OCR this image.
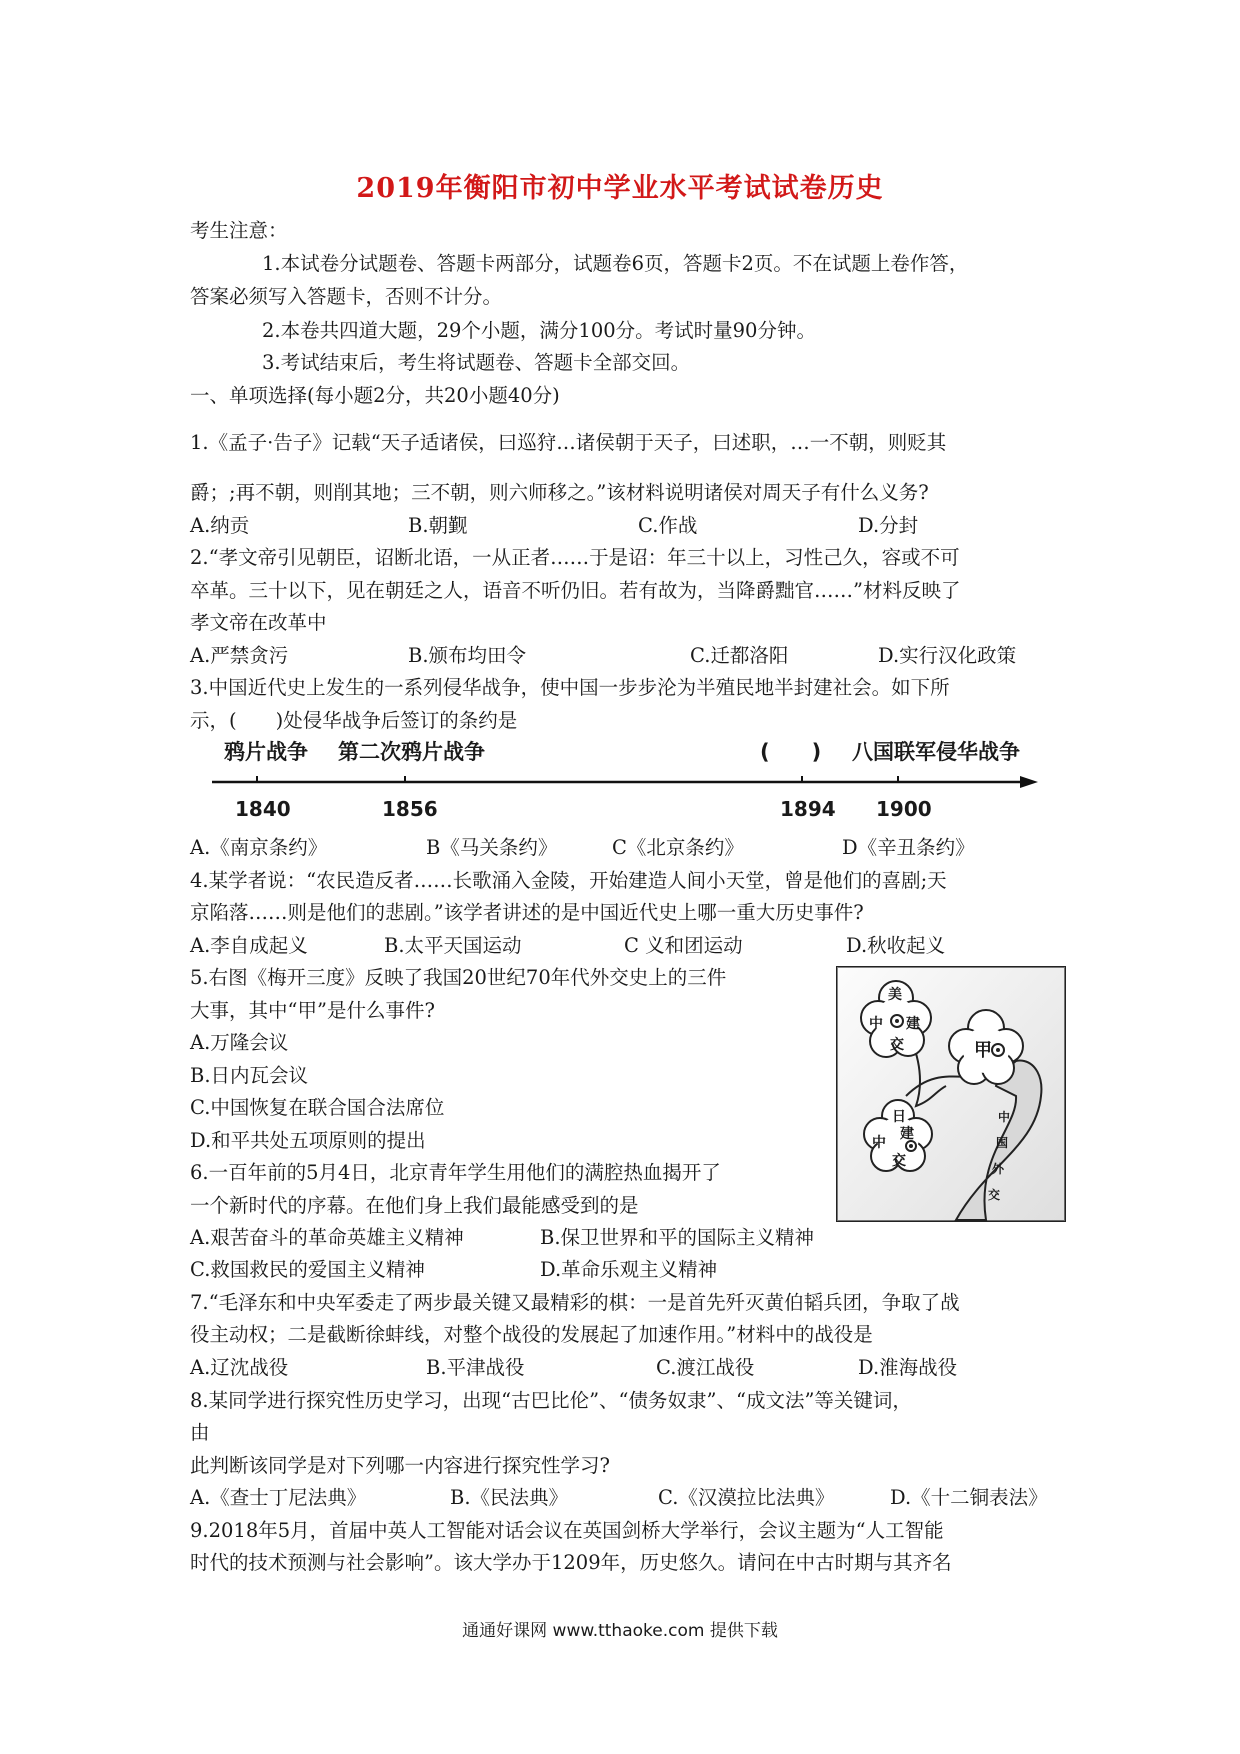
2019年衡阳市初中学业水平考试试卷历史
考生注意：
1.本试卷分试题卷、答题卡两部分，试题卷6页，答题卡2页。不在试题上卷作答，
答案必须写入答题卡，否则不计分。
2.本卷共四道大题，29个小题，满分100分。考试时量90分钟。
3.考试结束后，考生将试题卷、答题卡全部交回。
一、单项选择(每小题2分，共20小题40分)
1.《孟子·告子》记载“天子适诸侯，曰巡狩…诸侯朝于天子，曰述职，…一不朝，则贬其
爵；;再不朝，则削其地；三不朝，则六师移之。”该材料说明诸侯对周天子有什么义务?
A.纳贡	B.朝觐	C.作战	D.分封
2.“孝文帝引见朝臣，诏断北语，一从正者……于是诏：年三十以上，习性己久，容或不可
卒革。三十以下，见在朝廷之人，语音不听仍旧。若有故为，当降爵黜官……”材料反映了
孝文帝在改革中
A.严禁贪污	B.颁布均田令	C.迁都洛阳	D.实行汉化政策
3.中国近代史上发生的一系列侵华战争，使中国一步步沦为半殖民地半封建社会。如下所
示，(　　)处侵华战争后签订的条约是
鸦片战争 第二次鸦片战争	(　　) 八国联军侵华战争
1840	1856	1894 1900
A.《南京条约》	B《马关条约》	C《北京条约》	D《辛丑条约》
4.某学者说：“农民造反者……长歌涌入金陵，开始建造人间小天堂，曾是他们的喜剧;天
京陷落……则是他们的悲剧。”该学者讲述的是中国近代史上哪一重大历史事件?
A.李自成起义	B.太平天国运动	C 义和团运动	D.秋收起义
5.右图《梅开三度》反映了我国20世纪70年代外交史上的三件
大事，其中“甲”是什么事件?
A.万隆会议
B.日内瓦会议
C.中国恢复在联合国合法席位
D.和平共处五项原则的提出
美
中 建
交	甲
日
中
建
交
中
国
外
交
6.一百年前的5月4日，北京青年学生用他们的满腔热血揭开了
一个新时代的序幕。在他们身上我们最能感受到的是
A.艰苦奋斗的革命英雄主义精神	B.保卫世界和平的国际主义精神
C.救国救民的爱国主义精神	D.革命乐观主义精神
7.“毛泽东和中央军委走了两步最关键又最精彩的棋：一是首先歼灭黄伯韬兵团，争取了战
役主动权；二是截断徐蚌线，对整个战役的发展起了加速作用。”材料中的战役是
A.辽沈战役	B.平津战役	C.渡江战役	D.淮海战役
8.某同学进行探究性历史学习，出现“古巴比伦”、“债务奴隶”、“成文法”等关键词，
由
此判断该同学是对下列哪一内容进行探究性学习?
A.《查士丁尼法典》	B.《民法典》	C.《汉漠拉比法典》	D.《十二铜表法》
9.2018年5月，首届中英人工智能对话会议在英国剑桥大学举行，会议主题为“人工智能
时代的技术预测与社会影响”。该大学办于1209年，历史悠久。请问在中古时期与其齐名
通通好课网 www.tthaoke.com 提供下载
